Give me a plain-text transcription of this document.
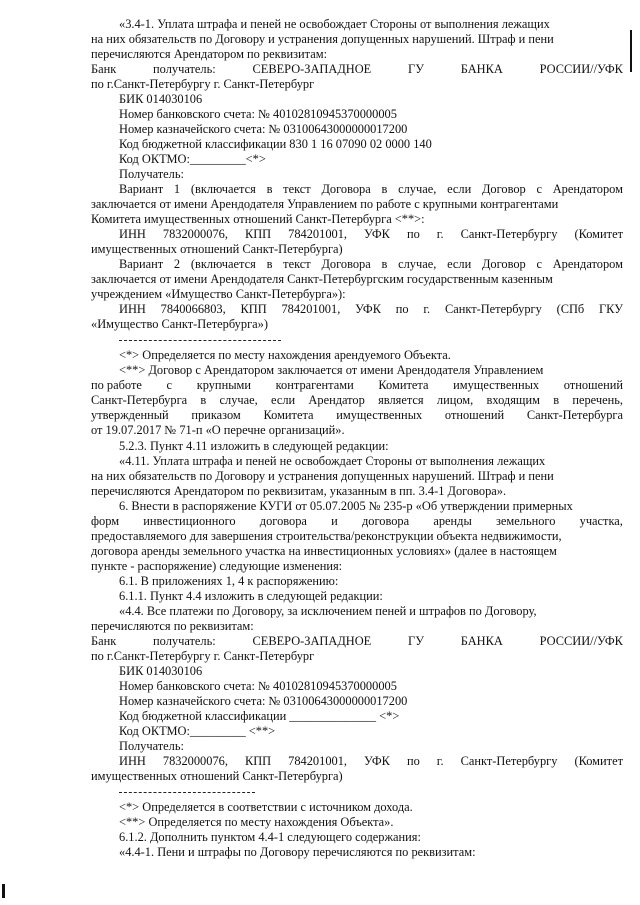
«3.4-1. Уплата штрафа и пеней не освобождает Стороны от выполнения лежащих
на них обязательств по Договору и устранения допущенных нарушений. Штраф и пени
перечисляются Арендатором по реквизитам:
Банк	получатель:	СЕВЕРО-ЗАПАДНОЕ	ГУ	БАНКА	РОССИИ//УФК
по г.Санкт-Петербургу г. Санкт-Петербург
БИК 014030106
Номер банковского счета: № 40102810945370000005
Номер казначейского счета: № 03100643000000017200
Код бюджетной классификации 830 1 16 07090 02 0000 140
Код ОКТМО:_________<*>
Получатель:
Вариант 1 (включается в текст Договора в случае, если Договор с Арендатором
заключается от имени Арендодателя Управлением по работе с крупными контрагентами
Комитета имущественных отношений Санкт-Петербурга <**>:
ИНН 7832000076, КПП 784201001, УФК по г. Санкт-Петербургу (Комитет
имущественных отношений Санкт-Петербурга)
Вариант 2 (включается в текст Договора в случае, если Договор с Арендатором
заключается от имени Арендодателя Санкт-Петербургским государственным казенным
учреждением «Имущество Санкт-Петербурга»):
ИНН 7840066803, КПП 784201001, УФК по г. Санкт-Петербургу (СПб ГКУ
«Имущество Санкт-Петербурга»)
<*> Определяется по месту нахождения арендуемого Объекта.
<**> Договор с Арендатором заключается от имени Арендодателя Управлением
по работе с крупными контрагентами Комитета имущественных отношений
Санкт-Петербурга в случае, если Арендатор является лицом, входящим в перечень,
утвержденный приказом Комитета имущественных отношений Санкт-Петербурга
от 19.07.2017 № 71-п «О перечне организаций».
5.2.3. Пункт 4.11 изложить в следующей редакции:
«4.11. Уплата штрафа и пеней не освобождает Стороны от выполнения лежащих
на них обязательств по Договору и устранения допущенных нарушений. Штраф и пени
перечисляются Арендатором по реквизитам, указанным в пп. 3.4-1 Договора».
6. Внести в распоряжение КУГИ от 05.07.2005 № 235-р «Об утверждении примерных
форм инвестиционного договора и договора аренды земельного участка,
предоставляемого для завершения строительства/реконструкции объекта недвижимости,
договора аренды земельного участка на инвестиционных условиях» (далее в настоящем
пункте - распоряжение) следующие изменения:
6.1. В приложениях 1, 4 к распоряжению:
6.1.1. Пункт 4.4 изложить в следующей редакции:
«4.4. Все платежи по Договору, за исключением пеней и штрафов по Договору,
перечисляются по реквизитам:
Банк	получатель:	СЕВЕРО-ЗАПАДНОЕ	ГУ	БАНКА	РОССИИ//УФК
по г.Санкт-Петербургу г. Санкт-Петербург
БИК 014030106
Номер банковского счета: № 40102810945370000005
Номер казначейского счета: № 03100643000000017200
Код бюджетной классификации ______________ <*>
Код ОКТМО:_________ <**>
Получатель:
ИНН 7832000076, КПП 784201001, УФК по г. Санкт-Петербургу (Комитет
имущественных отношений Санкт-Петербурга)
<*> Определяется в соответствии с источником дохода.
<**> Определяется по месту нахождения Объекта».
6.1.2. Дополнить пунктом 4.4-1 следующего содержания:
«4.4-1. Пени и штрафы по Договору перечисляются по реквизитам:
